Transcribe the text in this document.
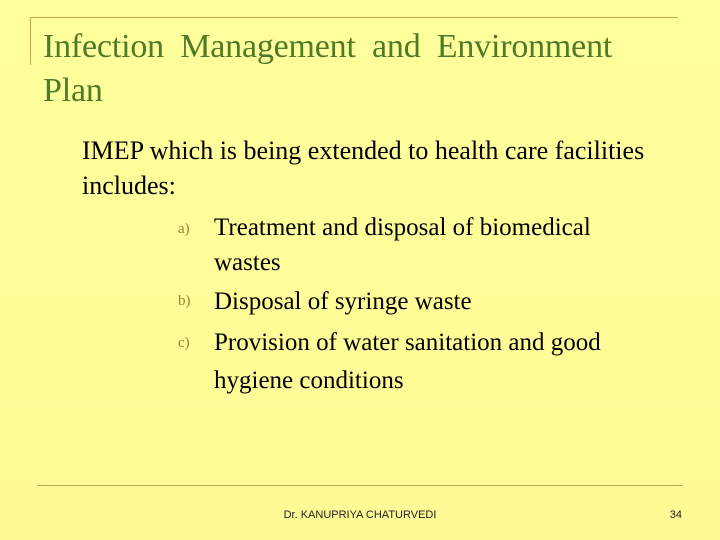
Infection Management and Environment Plan
IMEP which is being extended to health care facilities includes:
a) Treatment and disposal of biomedical wastes
b) Disposal of syringe waste
c) Provision of water sanitation and good hygiene conditions
Dr. KANUPRIYA CHATURVEDI	34
